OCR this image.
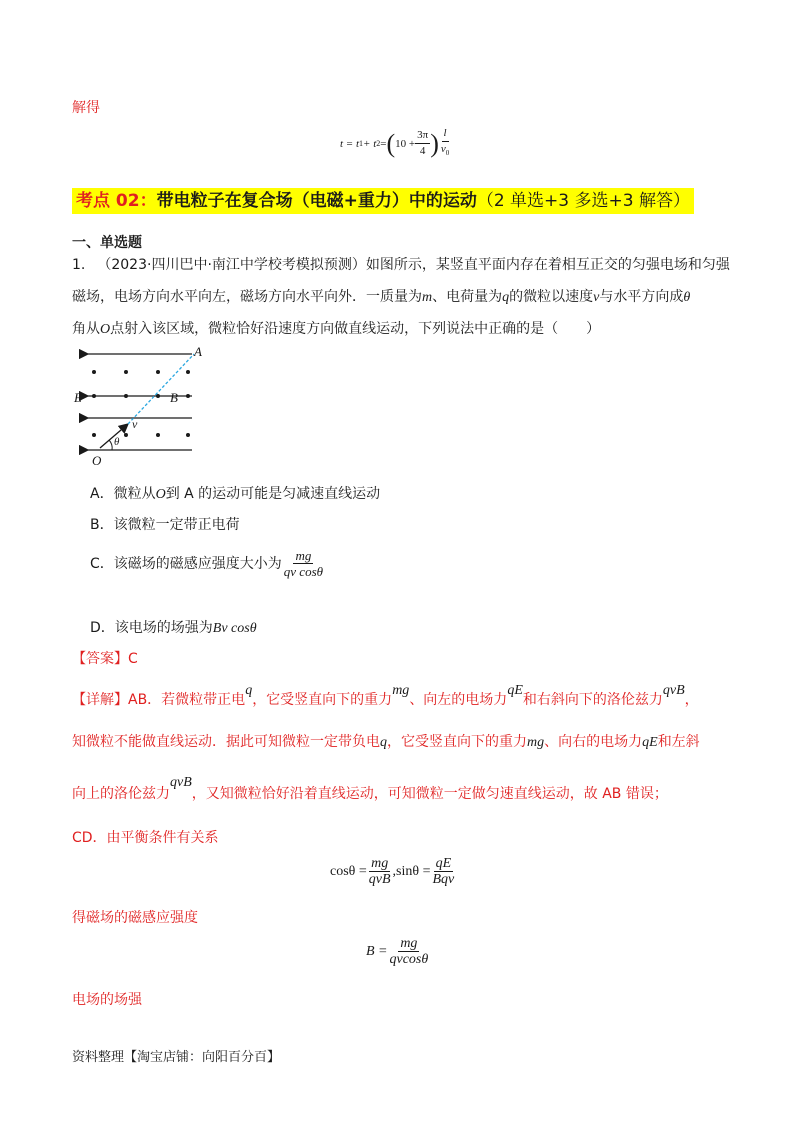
解得
t = t 1 + t 2 = ( $10 + \frac{3\pi}{4}$ ) $\frac{l}{v_0}$
考点 02：带电粒子在复合场（电磁+重力）中的运动（2 单选+3 多选+3 解答）
一、单选题
1. （2023·四川巴中·南江中学校考模拟预测）如图所示，某竖直平面内存在着相互正交的匀强电场和匀强
磁场，电场方向水平向左，磁场方向水平向外．一质量为m、电荷量为q的微粒以速度v与水平方向成θ
角从O点射入该区域，微粒恰好沿速度方向做直线运动，下列说法中正确的是（　　）
A
E	B
v
θ
O
A．微粒从O到 A 的运动可能是匀减速直线运动
B．该微粒一定带正电荷
C．该磁场的磁感应强度大小为 $\frac{mg}{\text{qv cosθ}}$
D．该电场的场强为Bv cosθ
【答案】C
【详解】AB．若微粒带正电q，它受竖直向下的重力mg、向左的电场力qE和右斜向下的洛伦兹力qvB，
知微粒不能做直线运动．据此可知微粒一定带负电q，它受竖直向下的重力mg、向右的电场力qE和左斜
向上的洛伦兹力qvB，又知微粒恰好沿着直线运动，可知微粒一定做匀速直线运动，故 AB 错误；
CD．由平衡条件有关系
$\cos\theta = \frac{mg}{\text{qvB}} ,\sin\theta = \frac{qE}{\text{Bqv}}$
得磁场的磁感应强度
$B = \frac{mg}{qvcos\theta}$
电场的场强
资料整理【淘宝店铺：向阳百分百】
